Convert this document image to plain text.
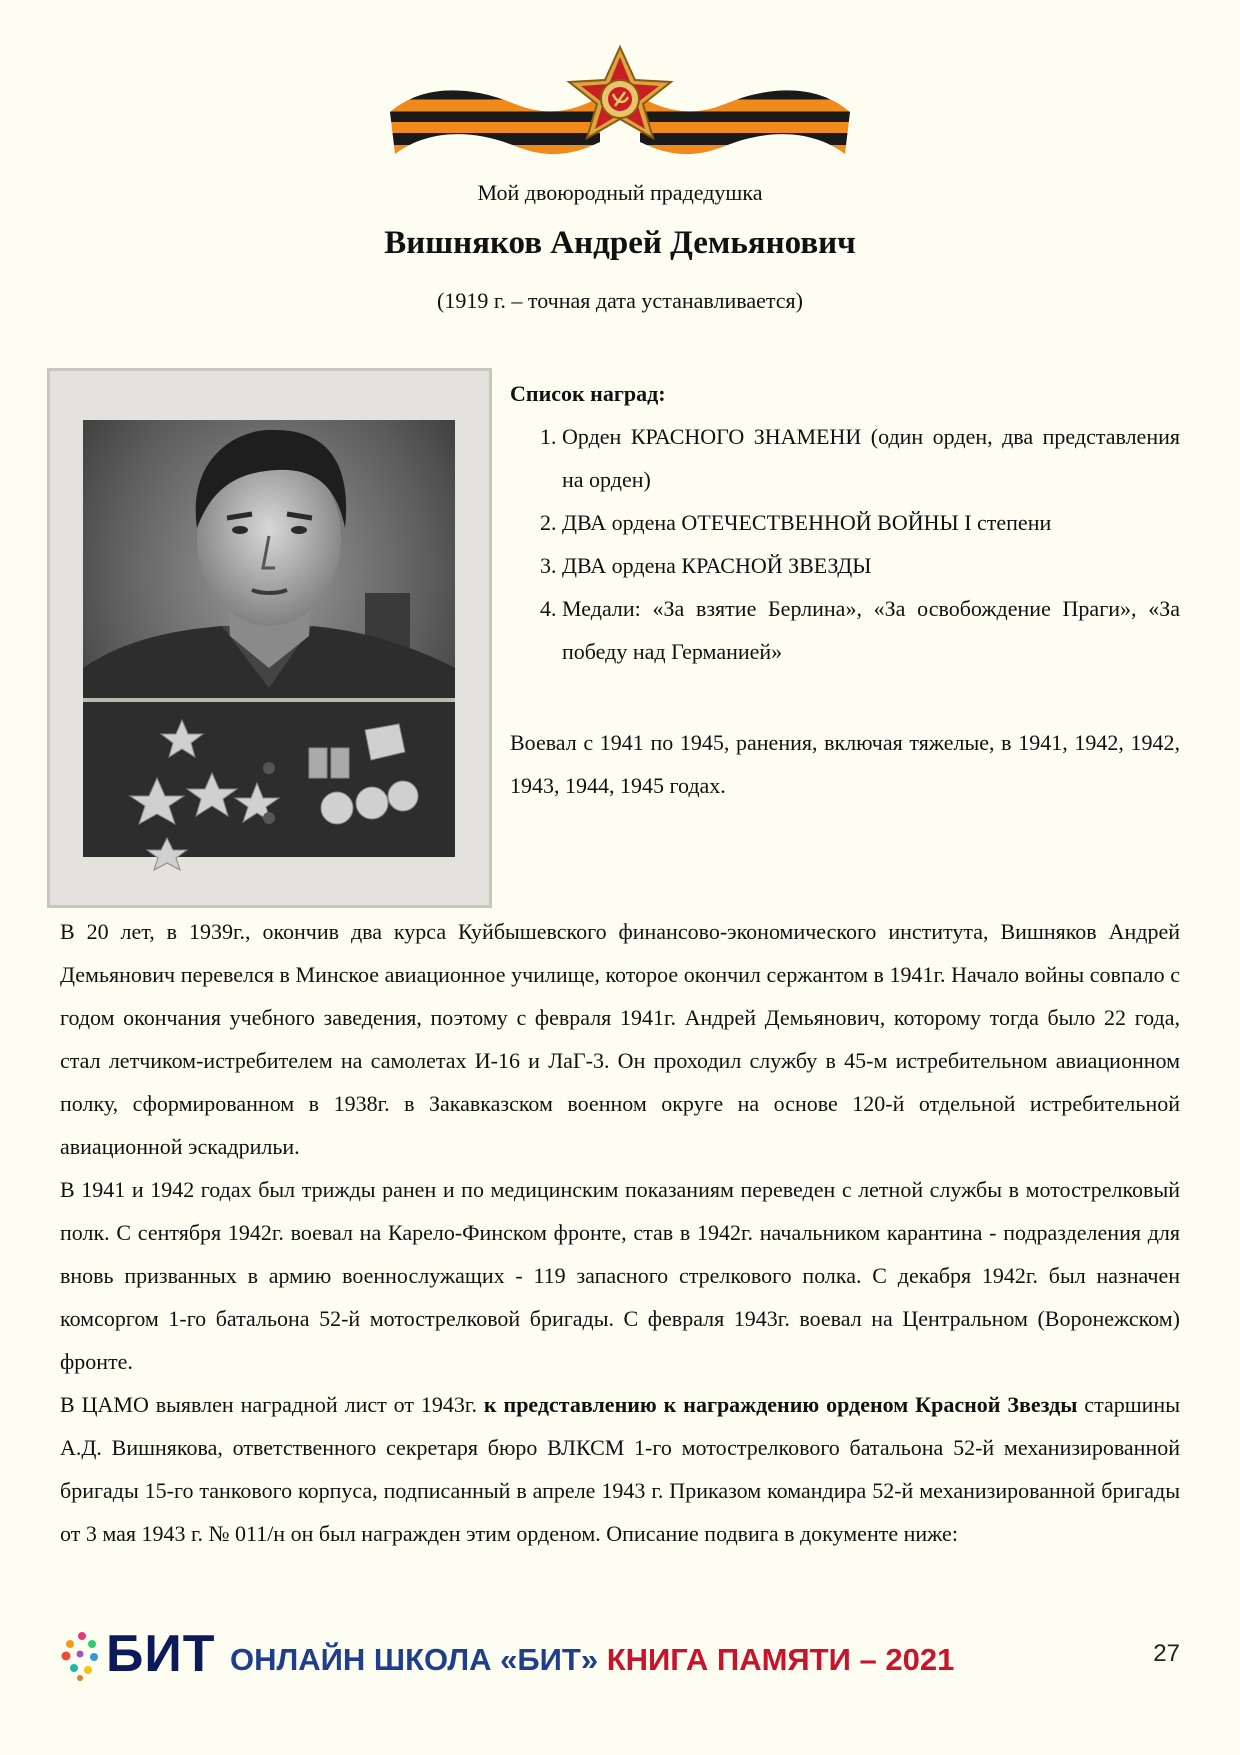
Мой двоюродный прадедушка
Вишняков Андрей Демьянович
(1919 г. – точная дата устанавливается)

Список наград:

1. Орден КРАСНОГО ЗНАМЕНИ (один орден, два представления на орден)
2. ДВА ордена ОТЕЧЕСТВЕННОЙ ВОЙНЫ I степени
3. ДВА ордена КРАСНОЙ ЗВЕЗДЫ
4. Медали: «За взятие Берлина», «За освобождение Праги», «За победу над Германией»

Воевал с 1941 по 1945, ранения, включая тяжелые, в 1941, 1942, 1942, 1943, 1944, 1945 годах.

В 20 лет, в 1939г., окончив два курса Куйбышевского финансово-экономического института, Вишняков Андрей Демьянович перевелся в Минское авиационное училище, которое окончил сержантом в 1941г. Начало войны совпало с годом окончания учебного заведения, поэтому с февраля 1941г. Андрей Демьянович, которому тогда было 22 года, стал летчиком-истребителем на самолетах И-16 и ЛаГ-3. Он проходил службу в 45-м истребительном авиационном полку, сформированном в 1938г. в Закавказском военном округе на основе 120-й отдельной истребительной авиационной эскадрильи.

В 1941 и 1942 годах был трижды ранен и по медицинским показаниям переведен с летной службы в мотострелковый полк. С сентября 1942г. воевал на Карело-Финском фронте, став в 1942г. начальником карантина - подразделения для вновь призванных в армию военнослужащих - 119 запасного стрелкового полка. С декабря 1942г. был назначен комсоргом 1-го батальона 52-й мотострелковой бригады. С февраля 1943г. воевал на Центральном (Воронежском) фронте.

В ЦАМО выявлен наградной лист от 1943г. к представлению к награждению орденом Красной Звезды старшины А.Д. Вишнякова, ответственного секретаря бюро ВЛКСМ 1-го мотострелкового батальона 52-й механизированной бригады 15-го танкового корпуса, подписанный в апреле 1943 г. Приказом командира 52-й механизированной бригады от 3 мая 1943 г. № 011/н он был награжден этим орденом. Описание подвига в документе ниже:

БИТ ОНЛАЙН ШКОЛА «БИТ» КНИГА ПАМЯТИ – 2021	27
